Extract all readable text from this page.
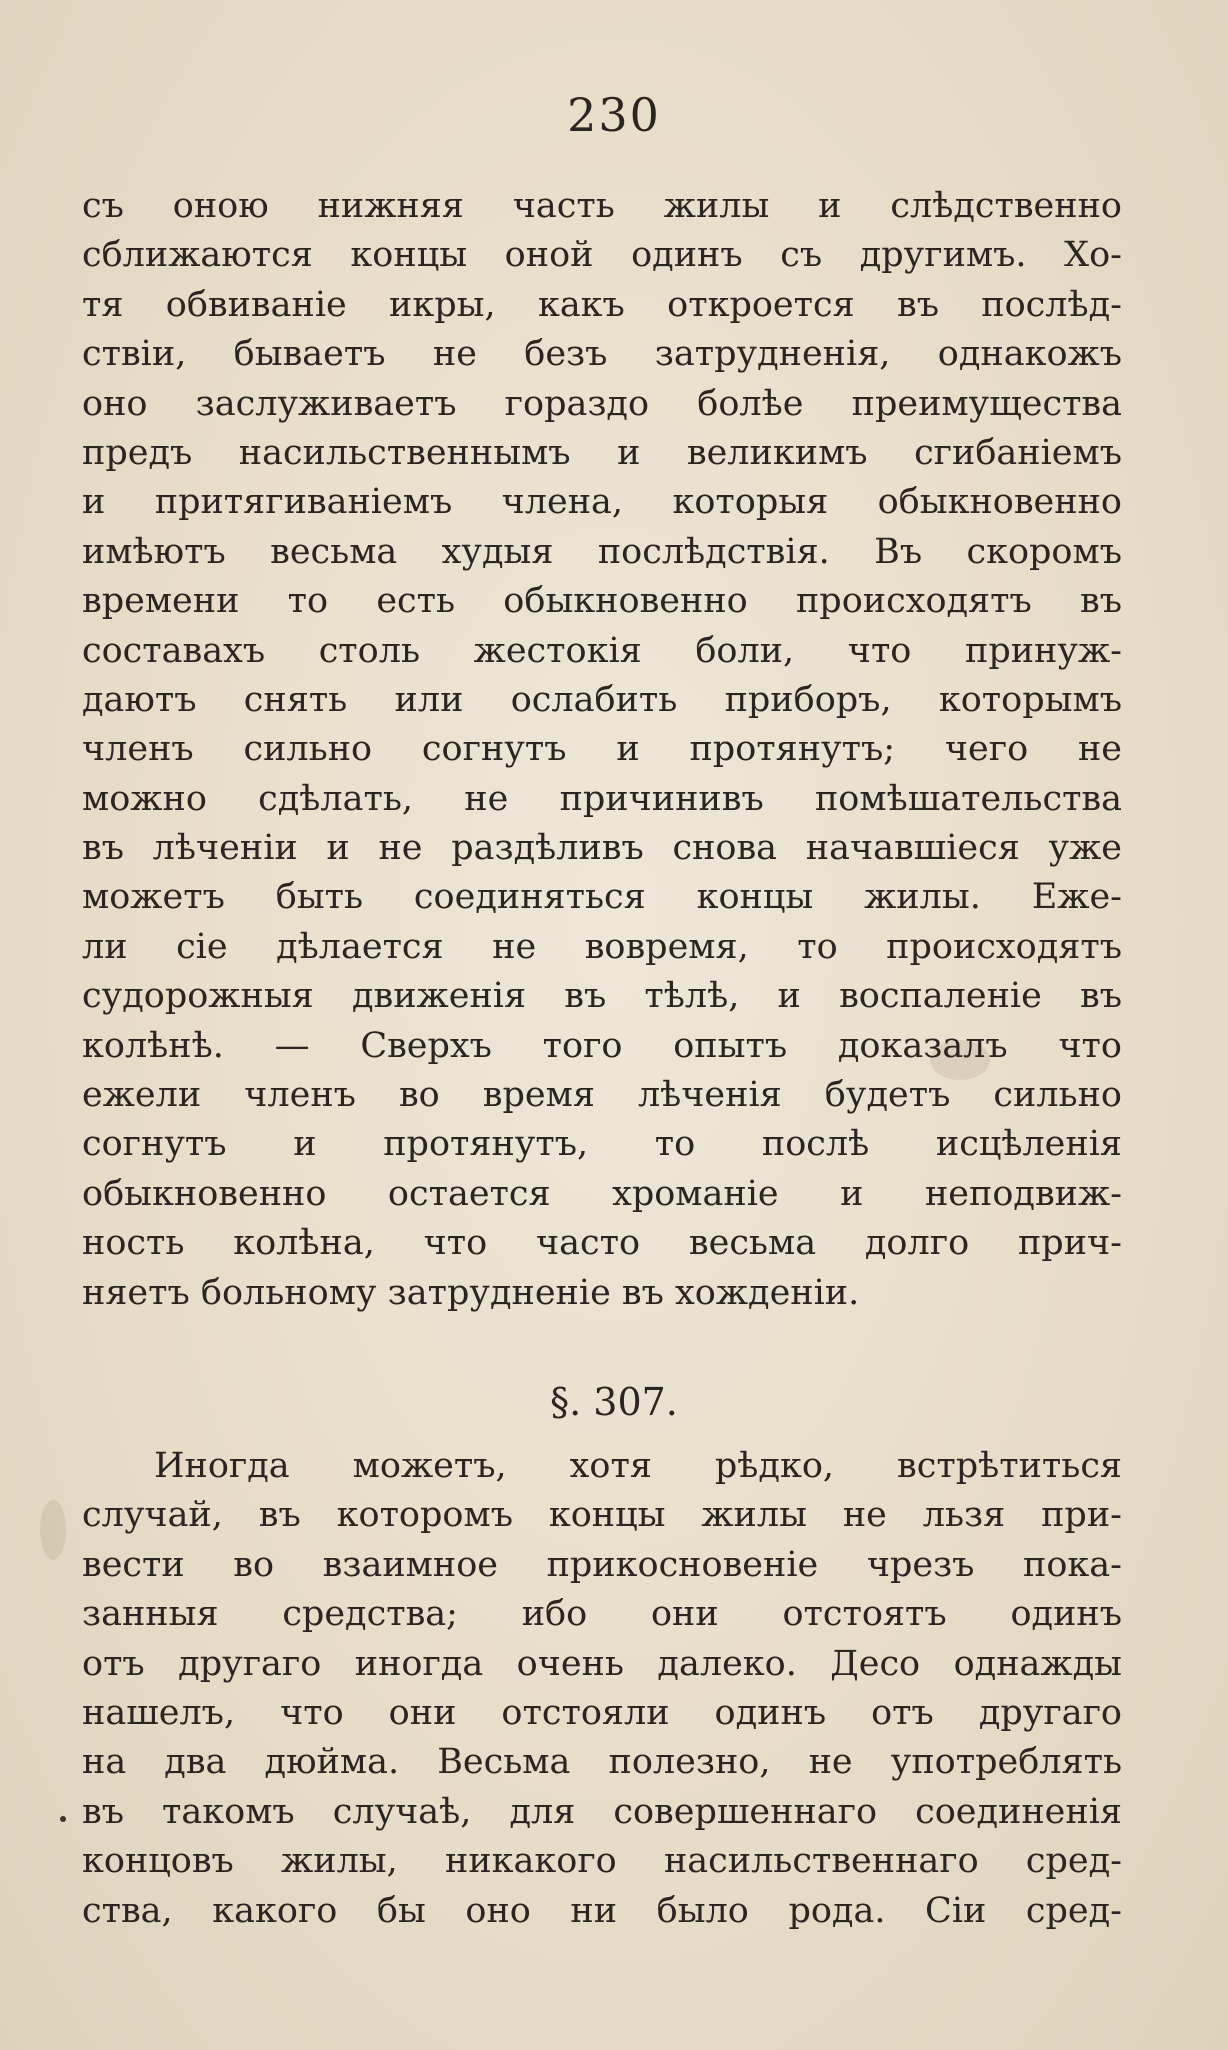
230
съ оною нижняя часть жилы и слѣдственно
сближаются концы оной одинъ съ другимъ. Хо-
тя обвиваніе икры, какъ откроется въ послѣд-
ствіи, бываетъ не безъ затрудненія, однакожъ
оно заслуживаетъ гораздо болѣе преимущества
предъ насильственнымъ и великимъ сгибаніемъ
и притягиваніемъ члена, которыя обыкновенно
имѣютъ весьма худыя послѣдствія. Въ скоромъ
времени то есть обыкновенно происходятъ въ
составахъ столь жестокія боли, что принуж-
даютъ снять или ослабить приборъ, которымъ
членъ сильно согнутъ и протянутъ; чего не
можно сдѣлать, не причинивъ помѣшательства
въ лѣченіи и не раздѣливъ снова начавшіеся уже
можетъ быть соединяться концы жилы. Еже-
ли сіе дѣлается не вовремя, то происходятъ
судорожныя движенія въ тѣлѣ, и воспаленіе въ
колѣнѣ. — Сверхъ того опытъ доказалъ что
ежели членъ во время лѣченія будетъ сильно
согнутъ и протянутъ, то послѣ исцѣленія
обыкновенно остается хроманіе и неподвиж-
ность колѣна, что часто весьма долго прич-
няетъ больному затрудненіе въ хожденіи.
§. 307.
Иногда можетъ, хотя рѣдко, встрѣтиться
случай, въ которомъ концы жилы не льзя при-
вести во взаимное прикосновеніе чрезъ пока-
занныя средства; ибо они отстоятъ одинъ
отъ другаго иногда очень далеко. Десо однажды
нашелъ, что они отстояли одинъ отъ другаго
на два дюйма. Весьма полезно, не употреблять
въ такомъ случаѣ, для совершеннаго соединенія
концовъ жилы, никакого насильственнаго сред-
ства, какого бы оно ни было рода. Сіи сред-
